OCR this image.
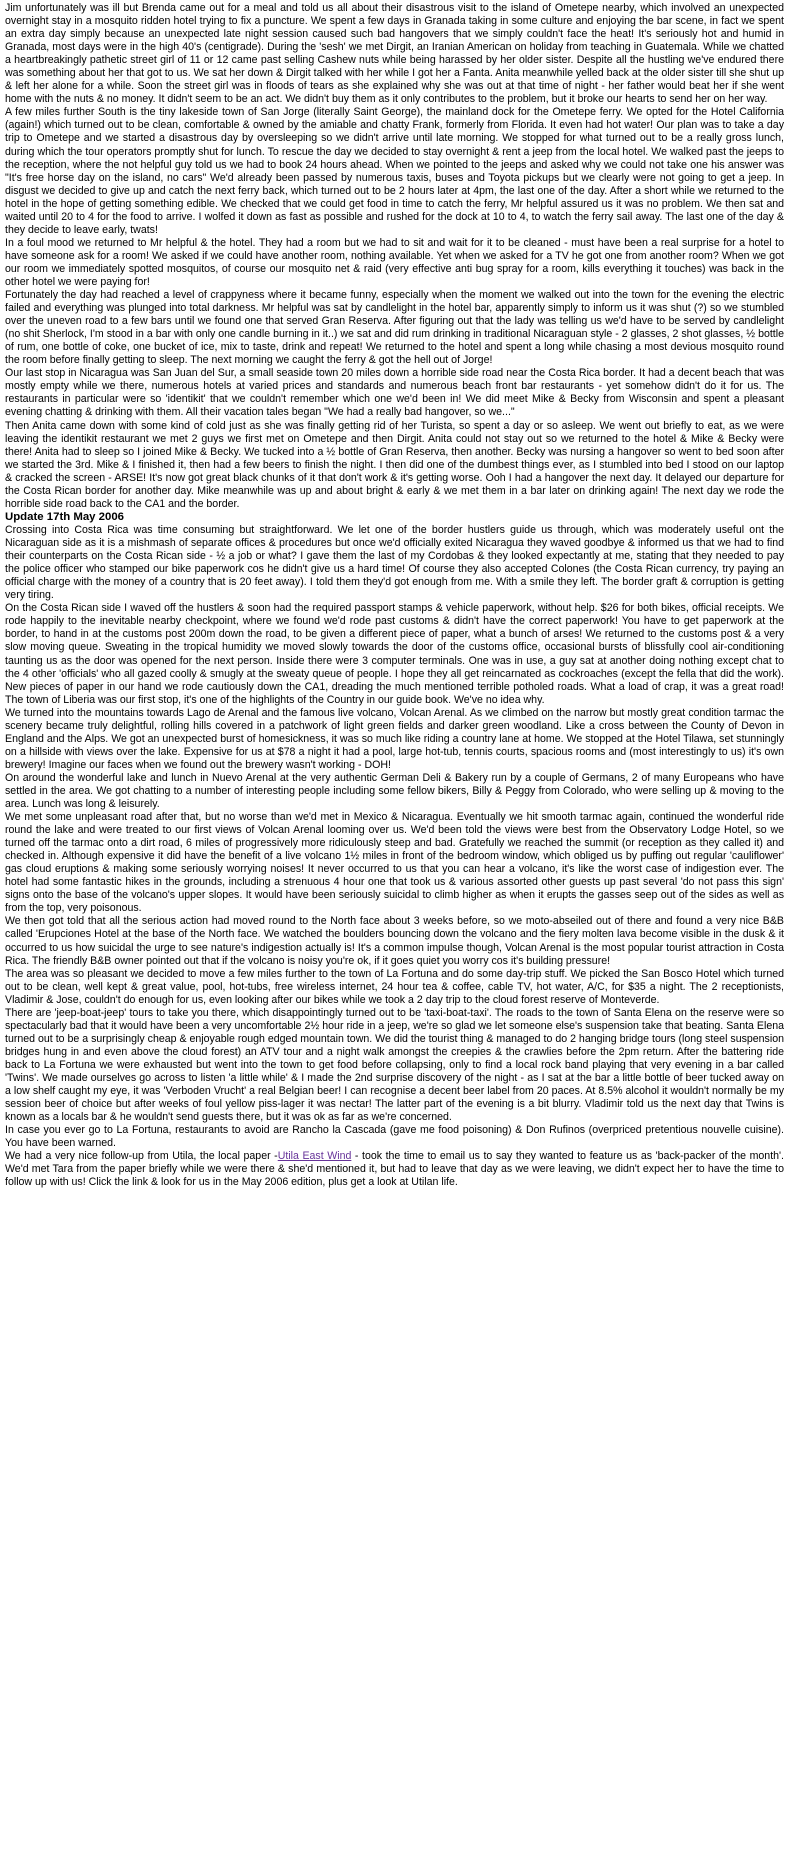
Jim unfortunately was ill but Brenda came out for a meal and told us all about their disastrous visit to the island of Ometepe nearby, which involved an unexpected overnight stay in a mosquito ridden hotel trying to fix a puncture. We spent a few days in Granada taking in some culture and enjoying the bar scene, in fact we spent an extra day simply because an unexpected late night session caused such bad hangovers that we simply couldn't face the heat! It's seriously hot and humid in Granada, most days were in the high 40's (centigrade). During the 'sesh' we met Dirgit, an Iranian American on holiday from teaching in Guatemala. While we chatted a heartbreakingly pathetic street girl of 11 or 12 came past selling Cashew nuts while being harassed by her older sister. Despite all the hustling we've endured there was something about her that got to us. We sat her down & Dirgit talked with her while I got her a Fanta. Anita meanwhile yelled back at the older sister till she shut up & left her alone for a while. Soon the street girl was in floods of tears as she explained why she was out at that time of night - her father would beat her if she went home with the nuts & no money. It didn't seem to be an act. We didn't buy them as it only contributes to the problem, but it broke our hearts to send her on her way.

A few miles further South is the tiny lakeside town of San Jorge (literally Saint George), the mainland dock for the Ometepe ferry. We opted for the Hotel California (again!) which turned out to be clean, comfortable & owned by the amiable and chatty Frank, formerly from Florida. It even had hot water! Our plan was to take a day trip to Ometepe and we started a disastrous day by oversleeping so we didn't arrive until late morning. We stopped for what turned out to be a really gross lunch, during which the tour operators promptly shut for lunch. To rescue the day we decided to stay overnight & rent a jeep from the local hotel. We walked past the jeeps to the reception, where the not helpful guy told us we had to book 24 hours ahead. When we pointed to the jeeps and asked why we could not take one his answer was "It's free horse day on the island, no cars" We'd already been passed by numerous taxis, buses and Toyota pickups but we clearly were not going to get a jeep. In disgust we decided to give up and catch the next ferry back, which turned out to be 2 hours later at 4pm, the last one of the day. After a short while we returned to the hotel in the hope of getting something edible. We checked that we could get food in time to catch the ferry, Mr helpful assured us it was no problem. We then sat and waited until 20 to 4 for the food to arrive. I wolfed it down as fast as possible and rushed for the dock at 10 to 4, to watch the ferry sail away. The last one of the day & they decide to leave early, twats!

In a foul mood we returned to Mr helpful & the hotel. They had a room but we had to sit and wait for it to be cleaned - must have been a real surprise for a hotel to have someone ask for a room! We asked if we could have another room, nothing available. Yet when we asked for a TV he got one from another room? When we got our room we immediately spotted mosquitos, of course our mosquito net & raid (very effective anti bug spray for a room, kills everything it touches) was back in the other hotel we were paying for!

Fortunately the day had reached a level of crappyness where it became funny, especially when the moment we walked out into the town for the evening the electric failed and everything was plunged into total darkness. Mr helpful was sat by candlelight in the hotel bar, apparently simply to inform us it was shut (?) so we stumbled over the uneven road to a few bars until we found one that served Gran Reserva. After figuring out that the lady was telling us we'd have to be served by candlelight (no shit Sherlock, I'm stood in a bar with only one candle burning in it..) we sat and did rum drinking in traditional Nicaraguan style - 2 glasses, 2 shot glasses, ½ bottle of rum, one bottle of coke, one bucket of ice, mix to taste, drink and repeat! We returned to the hotel and spent a long while chasing a most devious mosquito round the room before finally getting to sleep. The next morning we caught the ferry & got the hell out of Jorge!

Our last stop in Nicaragua was San Juan del Sur, a small seaside town 20 miles down a horrible side road near the Costa Rica border. It had a decent beach that was mostly empty while we there, numerous hotels at varied prices and standards and numerous beach front bar restaurants - yet somehow didn't do it for us. The restaurants in particular were so 'identikit' that we couldn't remember which one we'd been in! We did meet Mike & Becky from Wisconsin and spent a pleasant evening chatting & drinking with them. All their vacation tales began "We had a really bad hangover, so we..."

Then Anita came down with some kind of cold just as she was finally getting rid of her Turista, so spent a day or so asleep. We went out briefly to eat, as we were leaving the identikit restaurant we met 2 guys we first met on Ometepe and then Dirgit. Anita could not stay out so we returned to the hotel & Mike & Becky were there! Anita had to sleep so I joined Mike & Becky. We tucked into a ½ bottle of Gran Reserva, then another. Becky was nursing a hangover so went to bed soon after we started the 3rd. Mike & I finished it, then had a few beers to finish the night. I then did one of the dumbest things ever, as I stumbled into bed I stood on our laptop & cracked the screen - ARSE! It's now got great black chunks of it that don't work & it's getting worse. Ooh I had a hangover the next day. It delayed our departure for the Costa Rican border for another day. Mike meanwhile was up and about bright & early & we met them in a bar later on drinking again! The next day we rode the horrible side road back to the CA1 and the border.

Update 17th May 2006

Crossing into Costa Rica was time consuming but straightforward. We let one of the border hustlers guide us through, which was moderately useful ont the Nicaraguan side as it is a mishmash of separate offices & procedures but once we'd officially exited Nicaragua they waved goodbye & informed us that we had to find their counterparts on the Costa Rican side - ½ a job or what? I gave them the last of my Cordobas & they looked expectantly at me, stating that they needed to pay the police officer who stamped our bike paperwork cos he didn't give us a hard time! Of course they also accepted Colones (the Costa Rican currency, try paying an official charge with the money of a country that is 20 feet away). I told them they'd got enough from me. With a smile they left. The border graft & corruption is getting very tiring.

On the Costa Rican side I waved off the hustlers & soon had the required passport stamps & vehicle paperwork, without help. $26 for both bikes, official receipts. We rode happily to the inevitable nearby checkpoint, where we found we'd rode past customs & didn't have the correct paperwork! You have to get paperwork at the border, to hand in at the customs post 200m down the road, to be given a different piece of paper, what a bunch of arses! We returned to the customs post & a very slow moving queue. Sweating in the tropical humidity we moved slowly towards the door of the customs office, occasional bursts of blissfully cool air-conditioning taunting us as the door was opened for the next person. Inside there were 3 computer terminals. One was in use, a guy sat at another doing nothing except chat to the 4 other 'officials' who all gazed coolly & smugly at the sweaty queue of people. I hope they all get reincarnated as cockroaches (except the fella that did the work). New pieces of paper in our hand we rode cautiously down the CA1, dreading the much mentioned terrible potholed roads. What a load of crap, it was a great road! The town of Liberia was our first stop, it's one of the highlights of the Country in our guide book. We've no idea why.

We turned into the mountains towards Lago de Arenal and the famous live volcano, Volcan Arenal. As we climbed on the narrow but mostly great condition tarmac the scenery became truly delightful, rolling hills covered in a patchwork of light green fields and darker green woodland. Like a cross between the County of Devon in England and the Alps. We got an unexpected burst of homesickness, it was so much like riding a country lane at home. We stopped at the Hotel Tilawa, set stunningly on a hillside with views over the lake. Expensive for us at $78 a night it had a pool, large hot-tub, tennis courts, spacious rooms and (most interestingly to us) it's own brewery! Imagine our faces when we found out the brewery wasn't working - DOH!

On around the wonderful lake and lunch in Nuevo Arenal at the very authentic German Deli & Bakery run by a couple of Germans, 2 of many Europeans who have settled in the area. We got chatting to a number of interesting people including some fellow bikers, Billy & Peggy from Colorado, who were selling up & moving to the area. Lunch was long & leisurely.

We met some unpleasant road after that, but no worse than we'd met in Mexico & Nicaragua. Eventually we hit smooth tarmac again, continued the wonderful ride round the lake and were treated to our first views of Volcan Arenal looming over us. We'd been told the views were best from the Observatory Lodge Hotel, so we turned off the tarmac onto a dirt road, 6 miles of progressively more ridiculously steep and bad. Gratefully we reached the summit (or reception as they called it) and checked in. Although expensive it did have the benefit of a live volcano 1½ miles in front of the bedroom window, which obliged us by puffing out regular 'cauliflower' gas cloud eruptions & making some seriously worrying noises! It never occurred to us that you can hear a volcano, it's like the worst case of indigestion ever. The hotel had some fantastic hikes in the grounds, including a strenuous 4 hour one that took us & various assorted other guests up past several 'do not pass this sign' signs onto the base of the volcano's upper slopes. It would have been seriously suicidal to climb higher as when it erupts the gasses seep out of the sides as well as from the top, very poisonous.

We then got told that all the serious action had moved round to the North face about 3 weeks before, so we moto-abseiled out of there and found a very nice B&B called 'Erupciones Hotel at the base of the North face. We watched the boulders bouncing down the volcano and the fiery molten lava become visible in the dusk & it occurred to us how suicidal the urge to see nature's indigestion actually is! It's a common impulse though, Volcan Arenal is the most popular tourist attraction in Costa Rica. The friendly B&B owner pointed out that if the volcano is noisy you're ok, if it goes quiet you worry cos it's building pressure!

The area was so pleasant we decided to move a few miles further to the town of La Fortuna and do some day-trip stuff. We picked the San Bosco Hotel which turned out to be clean, well kept & great value, pool, hot-tubs, free wireless internet, 24 hour tea & coffee, cable TV, hot water, A/C, for $35 a night. The 2 receptionists, Vladimir & Jose, couldn't do enough for us, even looking after our bikes while we took a 2 day trip to the cloud forest reserve of Monteverde.

There are 'jeep-boat-jeep' tours to take you there, which disappointingly turned out to be 'taxi-boat-taxi'. The roads to the town of Santa Elena on the reserve were so spectacularly bad that it would have been a very uncomfortable 2½ hour ride in a jeep, we're so glad we let someone else's suspension take that beating. Santa Elena turned out to be a surprisingly cheap & enjoyable rough edged mountain town. We did the tourist thing & managed to do 2 hanging bridge tours (long steel suspension bridges hung in and even above the cloud forest) an ATV tour and a night walk amongst the creepies & the crawlies before the 2pm return. After the battering ride back to La Fortuna we were exhausted but went into the town to get food before collapsing, only to find a local rock band playing that very evening in a bar called 'Twins'. We made ourselves go across to listen 'a little while' & I made the 2nd surprise discovery of the night - as I sat at the bar a little bottle of beer tucked away on a low shelf caught my eye, it was 'Verboden Vrucht' a real Belgian beer! I can recognise a decent beer label from 20 paces. At 8.5% alcohol it wouldn't normally be my session beer of choice but after weeks of foul yellow piss-lager it was nectar! The latter part of the evening is a bit blurry. Vladimir told us the next day that Twins is known as a locals bar & he wouldn't send guests there, but it was ok as far as we're concerned.

In case you ever go to La Fortuna, restaurants to avoid are Rancho la Cascada (gave me food poisoning) & Don Rufinos (overpriced pretentious nouvelle cuisine). You have been warned.

We had a very nice follow-up from Utila, the local paper -Utila East Wind - took the time to email us to say they wanted to feature us as 'back-packer of the month'. We'd met Tara from the paper briefly while we were there & she'd mentioned it, but had to leave that day as we were leaving, we didn't expect her to have the time to follow up with us! Click the link & look for us in the May 2006 edition, plus get a look at Utilan life.
